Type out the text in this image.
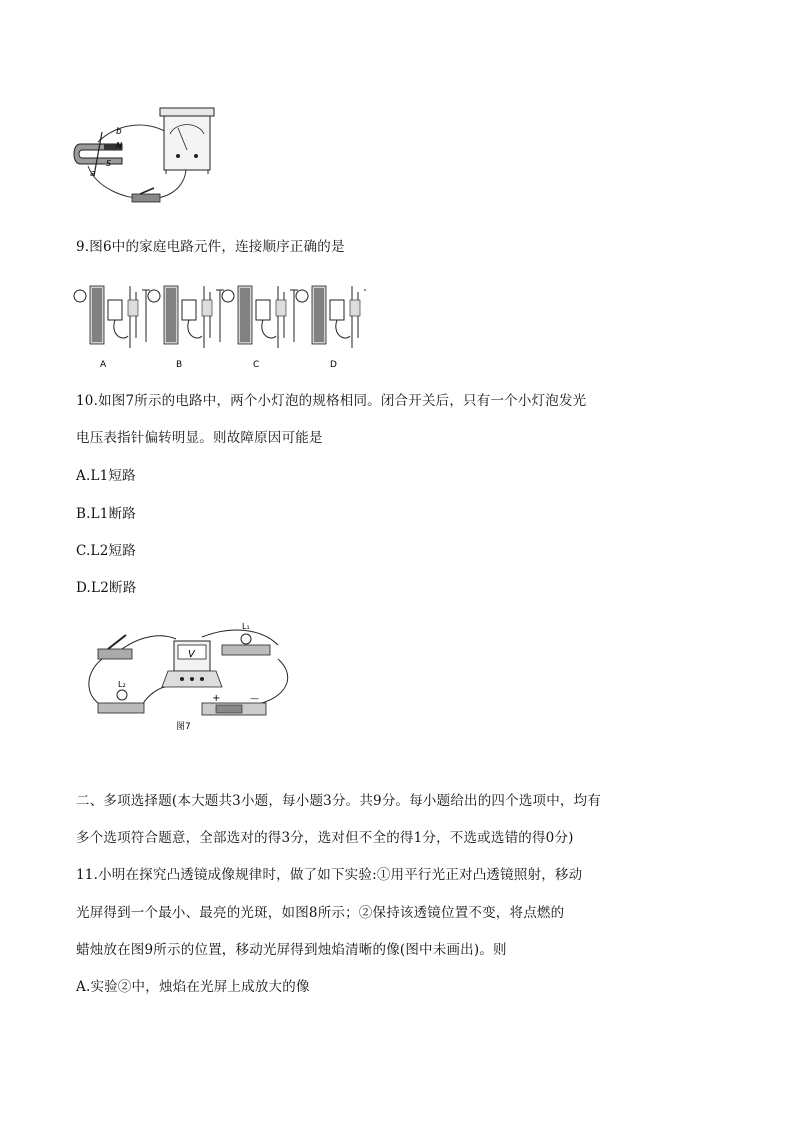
b
N
a
S
9.图6中的家庭电路元件，连接顺序正确的是
A	B	C	D
10.如图7所示的电路中，两个小灯泡的规格相同。闭合开关后，只有一个小灯泡发光
电压表指针偏转明显。则故障原因可能是
A.L1短路
B.L1断路
C.L2短路
D.L2断路
V
L₁
L₂
+	—
图7
二、多项选择题(本大题共3小题，每小题3分。共9分。每小题给出的四个选项中，均有
多个选项符合题意，全部选对的得3分，选对但不全的得1分，不选或选错的得0分)
11.小明在探究凸透镜成像规律时，做了如下实验:①用平行光正对凸透镜照射，移动
光屏得到一个最小、最亮的光斑，如图8所示；②保持该透镜位置不变，将点燃的
蜡烛放在图9所示的位置，移动光屏得到烛焰清晰的像(图中未画出)。则
A.实验②中，烛焰在光屏上成放大的像
